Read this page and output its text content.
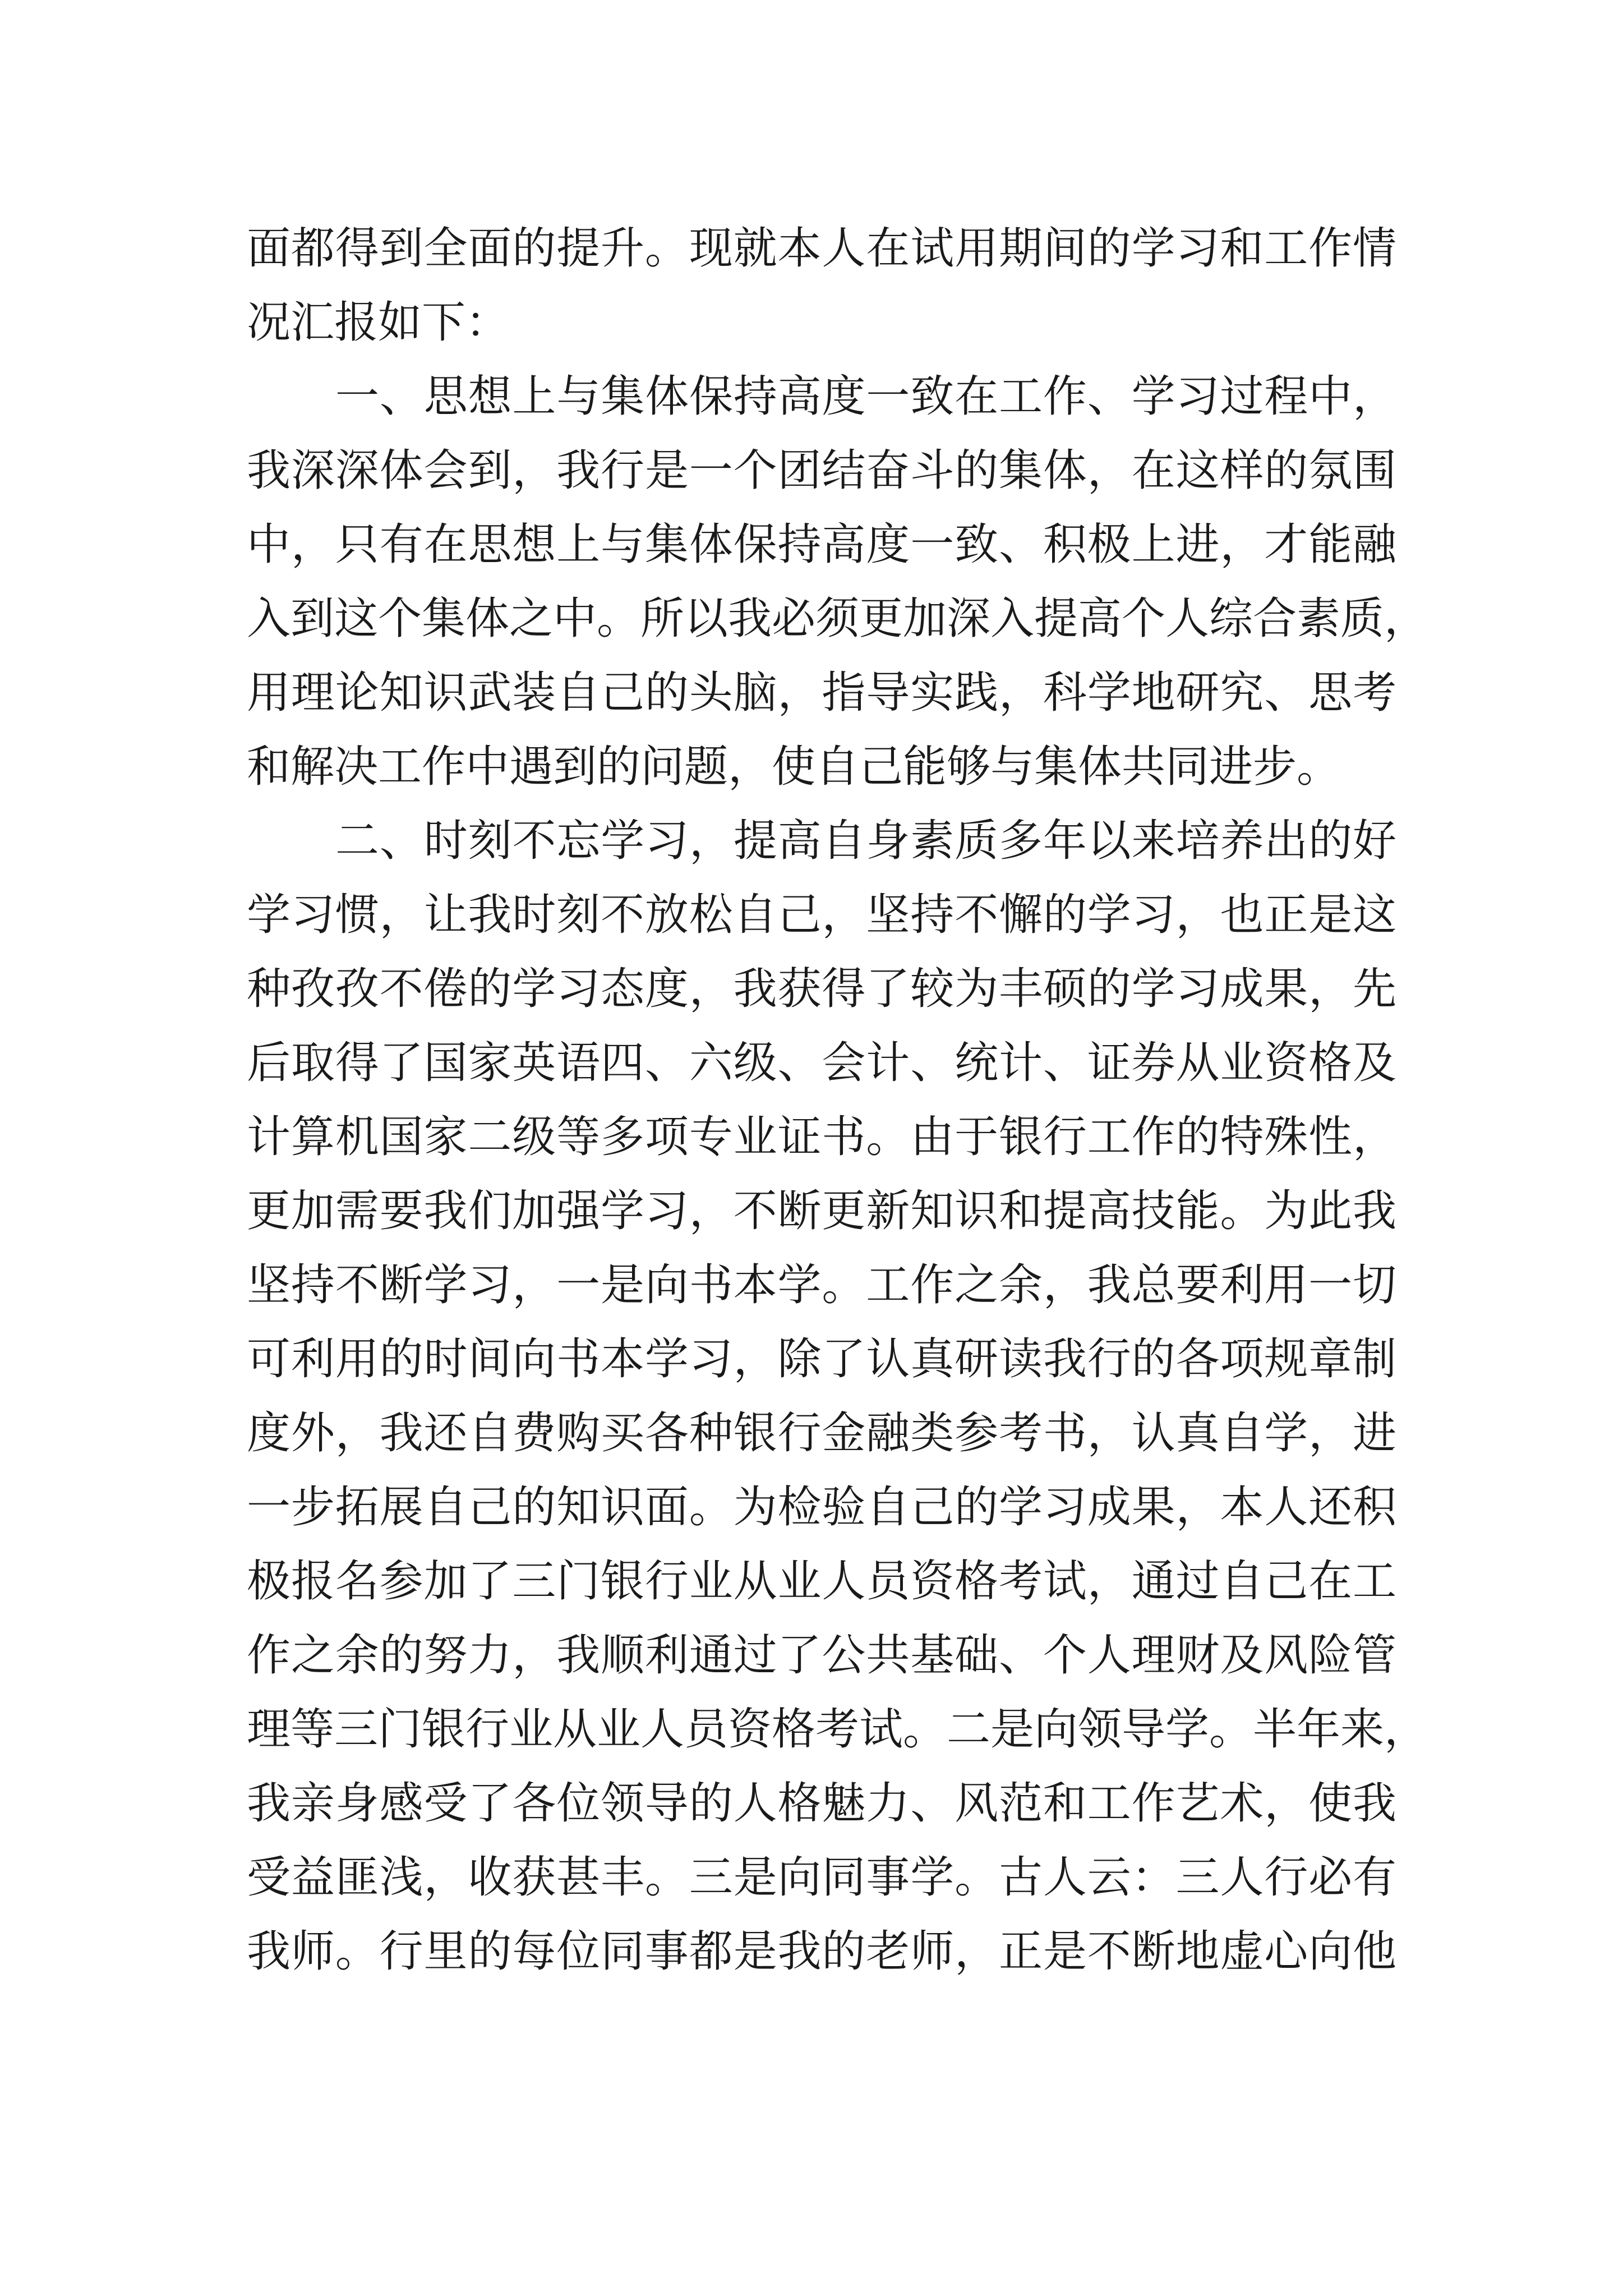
面都得到全面的提升。现就本人在试用期间的学习和工作情
况汇报如下：
一、思想上与集体保持高度一致在工作、学习过程中，
我深深体会到，我行是一个团结奋斗的集体，在这样的氛围
中，只有在思想上与集体保持高度一致、积极上进，才能融
入到这个集体之中。所以我必须更加深入提高个人综合素质，
用理论知识武装自己的头脑，指导实践，科学地研究、思考
和解决工作中遇到的问题，使自己能够与集体共同进步。
二、时刻不忘学习，提高自身素质多年以来培养出的好
学习惯，让我时刻不放松自己，坚持不懈的学习，也正是这
种孜孜不倦的学习态度，我获得了较为丰硕的学习成果，先
后取得了国家英语四、六级、会计、统计、证券从业资格及
计算机国家二级等多项专业证书。由于银行工作的特殊性，
更加需要我们加强学习，不断更新知识和提高技能。为此我
坚持不断学习，一是向书本学。工作之余，我总要利用一切
可利用的时间向书本学习，除了认真研读我行的各项规章制
度外，我还自费购买各种银行金融类参考书，认真自学，进
一步拓展自己的知识面。为检验自己的学习成果，本人还积
极报名参加了三门银行业从业人员资格考试，通过自己在工
作之余的努力，我顺利通过了公共基础、个人理财及风险管
理等三门银行业从业人员资格考试。二是向领导学。半年来，
我亲身感受了各位领导的人格魅力、风范和工作艺术，使我
受益匪浅，收获甚丰。三是向同事学。古人云：三人行必有
我师。行里的每位同事都是我的老师，正是不断地虚心向他
